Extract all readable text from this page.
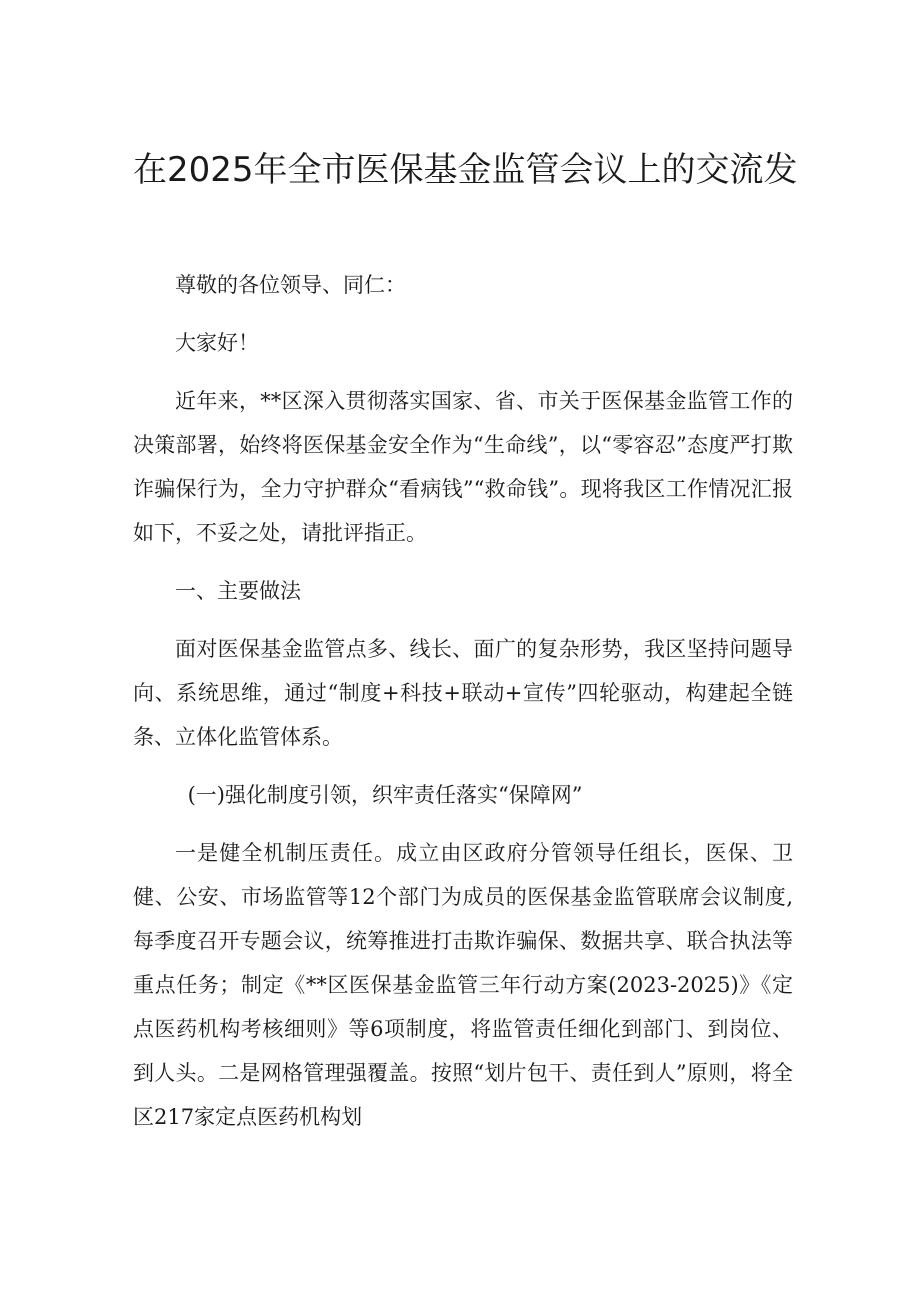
在2025年全市医保基金监管会议上的交流发

尊敬的各位领导、同仁：

大家好！

近年来，**区深入贯彻落实国家、省、市关于医保基金监管工作的决策部署，始终将医保基金安全作为“生命线”，以“零容忍”态度严打欺诈骗保行为，全力守护群众“看病钱”“救命钱”。现将我区工作情况汇报如下，不妥之处，请批评指正。

一、主要做法

面对医保基金监管点多、线长、面广的复杂形势，我区坚持问题导向、系统思维，通过“制度+科技+联动+宣传”四轮驱动，构建起全链条、立体化监管体系。

(一)强化制度引领，织牢责任落实“保障网”

一是健全机制压责任。成立由区政府分管领导任组长，医保、卫健、公安、市场监管等12个部门为成员的医保基金监管联席会议制度,每季度召开专题会议，统筹推进打击欺诈骗保、数据共享、联合执法等重点任务；制定《**区医保基金监管三年行动方案(2023-2025)》《定点医药机构考核细则》等6项制度，将监管责任细化到部门、到岗位、到人头。二是网格管理强覆盖。按照“划片包干、责任到人”原则，将全区217家定点医药机构划
